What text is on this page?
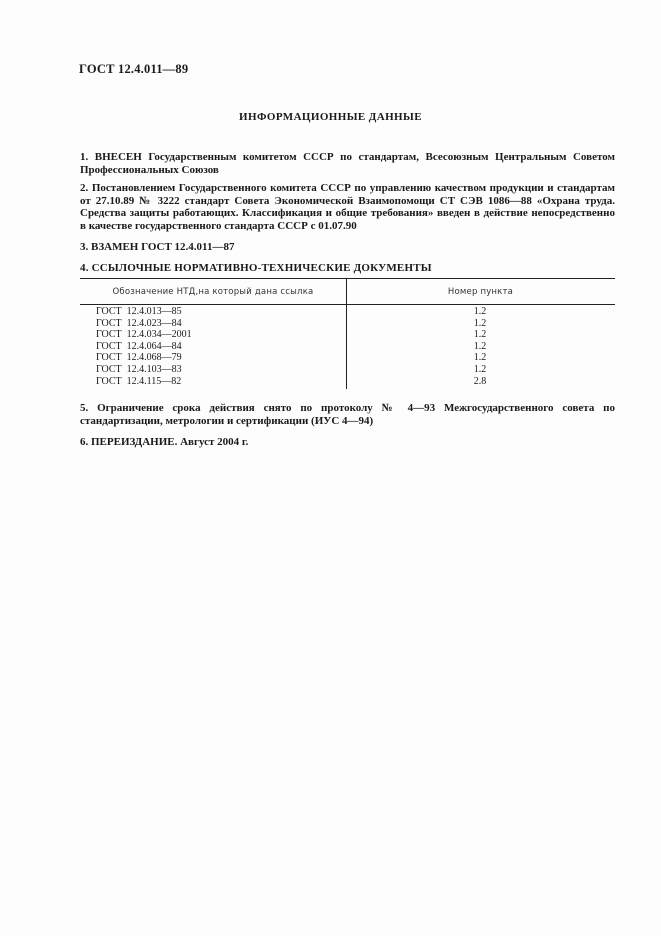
ГОСТ 12.4.011—89
ИНФОРМАЦИОННЫЕ ДАННЫЕ
1. ВНЕСЕН Государственным комитетом СССР по стандартам, Всесоюзным Центральным Советом Профессиональных Союзов
2. Постановлением Государственного комитета СССР по управлению качеством продукции и стандартам от 27.10.89 № 3222 стандарт Совета Экономической Взаимопомощи СТ СЭВ 1086—88 «Охрана труда. Средства защиты работающих. Классификация и общие требования» введен в действие непосредственно в качестве государственного стандарта СССР с 01.07.90
3. ВЗАМЕН ГОСТ 12.4.011—87
4. ССЫЛОЧНЫЕ НОРМАТИВНО-ТЕХНИЧЕСКИЕ ДОКУМЕНТЫ
Обозначение НТД,на который дана ссылка	Номер пункта
ГОСТ  12.4.013—85	1.2
ГОСТ  12.4.023—84	1.2
ГОСТ  12.4.034—2001	1.2
ГОСТ  12.4.064—84	1.2
ГОСТ  12.4.068—79	1.2
ГОСТ  12.4.103—83	1.2
ГОСТ  12.4.115—82	2.8
5. Ограничение срока действия снято по протоколу № 4—93 Межгосударственного совета по стандартизации, метрологии и сертификации (ИУС 4—94)
6. ПЕРЕИЗДАНИЕ. Август 2004 г.
